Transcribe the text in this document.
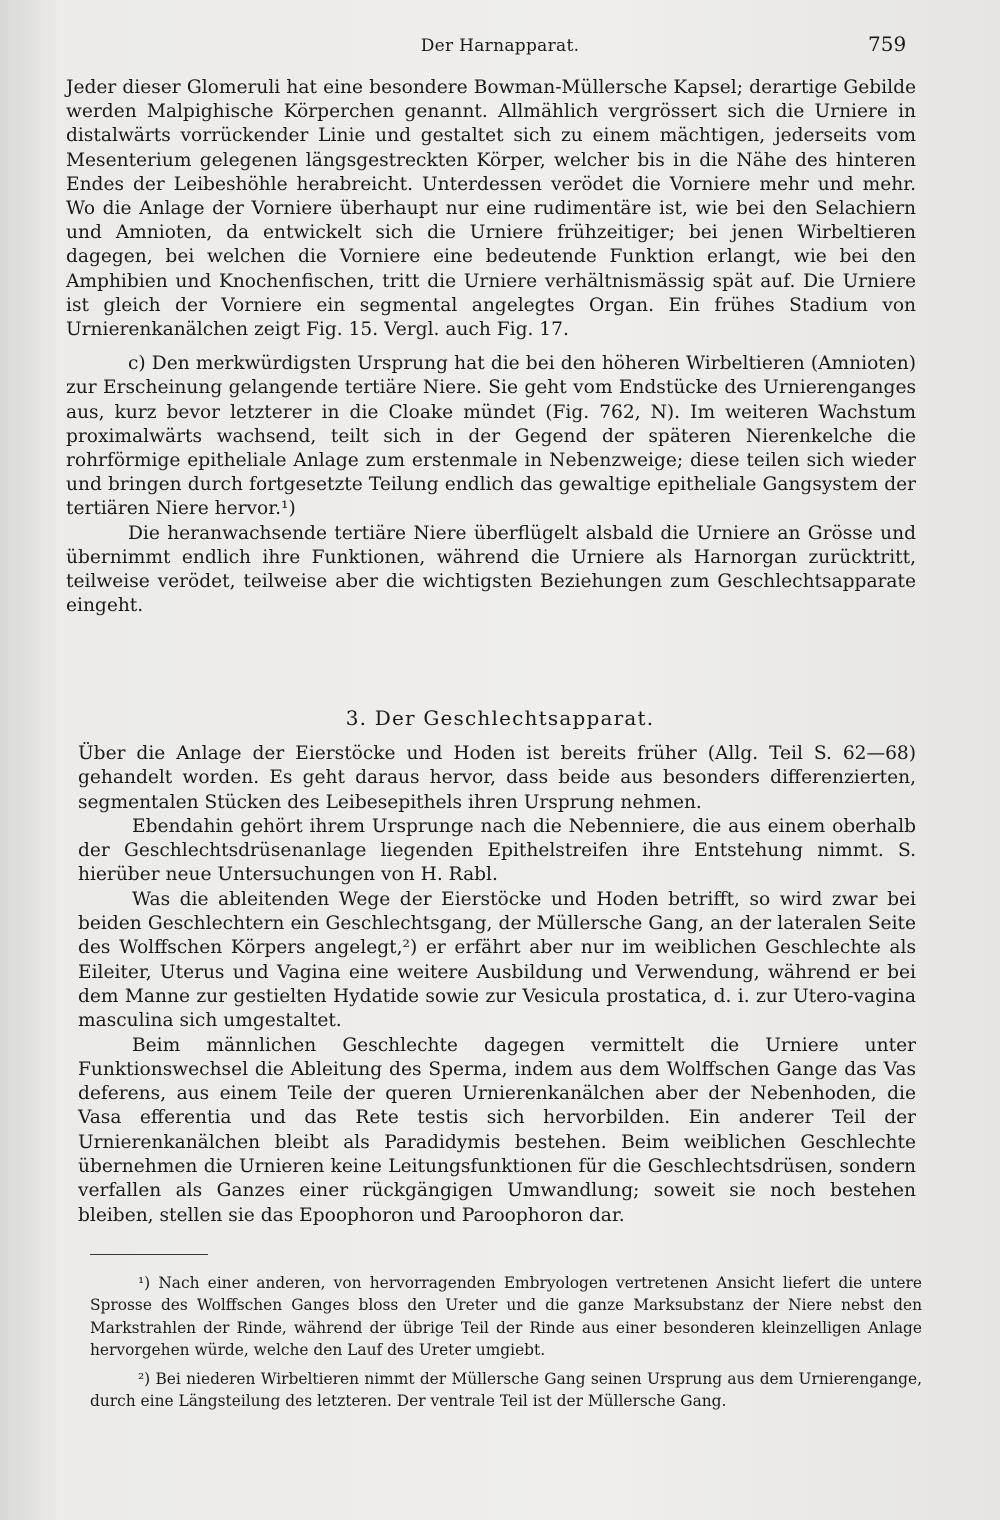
Der Harnapparat.	759

Jeder dieser Glomeruli hat eine besondere Bowman-Müllersche Kapsel; derartige Gebilde werden Malpighische Körperchen genannt. Allmählich vergrössert sich die Urniere in distalwärts vorrückender Linie und gestaltet sich zu einem mächtigen, jederseits vom Mesenterium gelegenen längsgestreckten Körper, welcher bis in die Nähe des hinteren Endes der Leibeshöhle herabreicht. Unterdessen verödet die Vorniere mehr und mehr. Wo die Anlage der Vorniere überhaupt nur eine rudimentäre ist, wie bei den Selachiern und Amnioten, da entwickelt sich die Urniere frühzeitiger; bei jenen Wirbeltieren dagegen, bei welchen die Vorniere eine bedeutende Funktion erlangt, wie bei den Amphibien und Knochenfischen, tritt die Urniere verhältnismässig spät auf. Die Urniere ist gleich der Vorniere ein segmental angelegtes Organ. Ein frühes Stadium von Urnierenkanälchen zeigt Fig. 15. Vergl. auch Fig. 17.

c) Den merkwürdigsten Ursprung hat die bei den höheren Wirbeltieren (Amnioten) zur Erscheinung gelangende tertiäre Niere. Sie geht vom Endstücke des Urnierenganges aus, kurz bevor letzterer in die Cloake mündet (Fig. 762, N). Im weiteren Wachstum proximalwärts wachsend, teilt sich in der Gegend der späteren Nierenkelche die rohrförmige epitheliale Anlage zum erstenmale in Nebenzweige; diese teilen sich wieder und bringen durch fortgesetzte Teilung endlich das gewaltige epitheliale Gangsystem der tertiären Niere hervor.¹)

Die heranwachsende tertiäre Niere überflügelt alsbald die Urniere an Grösse und übernimmt endlich ihre Funktionen, während die Urniere als Harnorgan zurücktritt, teilweise verödet, teilweise aber die wichtigsten Beziehungen zum Geschlechtsapparate eingeht.

3. Der Geschlechtsapparat.

Über die Anlage der Eierstöcke und Hoden ist bereits früher (Allg. Teil S. 62—68) gehandelt worden. Es geht daraus hervor, dass beide aus besonders differenzierten, segmentalen Stücken des Leibesepithels ihren Ursprung nehmen.

Ebendahin gehört ihrem Ursprunge nach die Nebenniere, die aus einem oberhalb der Geschlechtsdrüsenanlage liegenden Epithelstreifen ihre Entstehung nimmt. S. hierüber neue Untersuchungen von H. Rabl.

Was die ableitenden Wege der Eierstöcke und Hoden betrifft, so wird zwar bei beiden Geschlechtern ein Geschlechtsgang, der Müllersche Gang, an der lateralen Seite des Wolffschen Körpers angelegt,²) er erfährt aber nur im weiblichen Geschlechte als Eileiter, Uterus und Vagina eine weitere Ausbildung und Verwendung, während er bei dem Manne zur gestielten Hydatide sowie zur Vesicula prostatica, d. i. zur Utero-vagina masculina sich umgestaltet.

Beim männlichen Geschlechte dagegen vermittelt die Urniere unter Funktionswechsel die Ableitung des Sperma, indem aus dem Wolffschen Gange das Vas deferens, aus einem Teile der queren Urnierenkanälchen aber der Nebenhoden, die Vasa efferentia und das Rete testis sich hervorbilden. Ein anderer Teil der Urnierenkanälchen bleibt als Paradidymis bestehen. Beim weiblichen Geschlechte übernehmen die Urnieren keine Leitungsfunktionen für die Geschlechtsdrüsen, sondern verfallen als Ganzes einer rückgängigen Umwandlung; soweit sie noch bestehen bleiben, stellen sie das Epoophoron und Paroophoron dar.

¹) Nach einer anderen, von hervorragenden Embryologen vertretenen Ansicht liefert die untere Sprosse des Wolffschen Ganges bloss den Ureter und die ganze Marksubstanz der Niere nebst den Markstrahlen der Rinde, während der übrige Teil der Rinde aus einer besonderen kleinzelligen Anlage hervorgehen würde, welche den Lauf des Ureter umgiebt.

²) Bei niederen Wirbeltieren nimmt der Müllersche Gang seinen Ursprung aus dem Urnierengange, durch eine Längsteilung des letzteren. Der ventrale Teil ist der Müllersche Gang.
